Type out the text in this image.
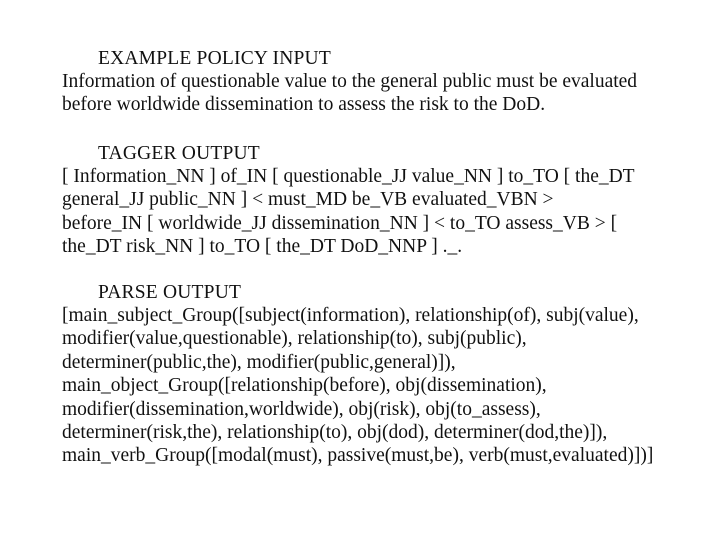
EXAMPLE POLICY INPUT
Information of questionable value to the general public must be evaluated
before worldwide dissemination to assess the risk to the DoD.
TAGGER OUTPUT
[ Information_NN ] of_IN [ questionable_JJ value_NN ] to_TO [ the_DT
general_JJ public_NN ] < must_MD be_VB evaluated_VBN >
before_IN [ worldwide_JJ dissemination_NN ] < to_TO assess_VB > [
the_DT risk_NN ] to_TO [ the_DT DoD_NNP ] ._.
PARSE OUTPUT
[main_subject_Group([subject(information), relationship(of), subj(value),
modifier(value,questionable), relationship(to), subj(public),
determiner(public,the), modifier(public,general)]),
main_object_Group([relationship(before), obj(dissemination),
modifier(dissemination,worldwide), obj(risk), obj(to_assess),
determiner(risk,the), relationship(to), obj(dod), determiner(dod,the)]),
main_verb_Group([modal(must), passive(must,be), verb(must,evaluated)])]
